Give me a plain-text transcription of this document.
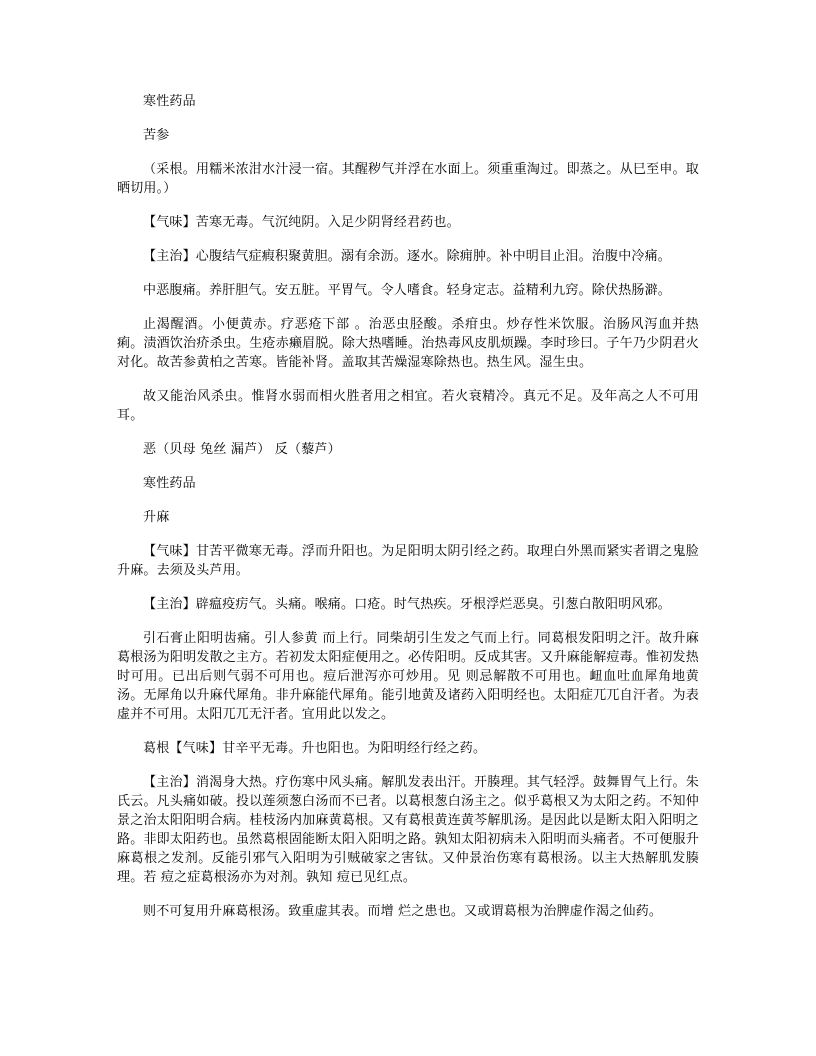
寒性药品

苦参

（采根。用糯米浓泔水汁浸一宿。其醒秽气并浮在水面上。须重重淘过。即蒸之。从巳至申。取晒切用。）

【气味】苦寒无毒。气沉纯阴。入足少阴肾经君药也。

【主治】心腹结气症瘕积聚黄胆。溺有余沥。逐水。除痈肿。补中明目止泪。治腹中冷痛。

中恶腹痛。养肝胆气。安五脏。平胃气。令人嗜食。轻身定志。益精利九窍。除伏热肠澼。

止渴醒酒。小便黄赤。疗恶疮下部 。治恶虫胫酸。杀疳虫。炒存性米饮服。治肠风泻血并热痢。渍酒饮治疥杀虫。生疮赤癞眉脱。除大热嗜睡。治热毒风皮肌烦躁。李时珍曰。子午乃少阴君火对化。故苦参黄柏之苦寒。皆能补肾。盖取其苦燥湿寒除热也。热生风。湿生虫。

故又能治风杀虫。惟肾水弱而相火胜者用之相宜。若火衰精冷。真元不足。及年高之人不可用耳。

恶（贝母 兔丝 漏芦） 反（藜芦）

寒性药品

升麻

【气味】甘苦平微寒无毒。浮而升阳也。为足阳明太阴引经之药。取理白外黑而紧实者谓之鬼脸升麻。去须及头芦用。

【主治】辟瘟疫疠气。头痛。喉痛。口疮。时气热疾。牙根浮烂恶臭。引葱白散阳明风邪。

引石膏止阳明齿痛。引人参黄 而上行。同柴胡引生发之气而上行。同葛根发阳明之汗。故升麻葛根汤为阳明发散之主方。若初发太阳症便用之。必传阳明。反成其害。又升麻能解痘毒。惟初发热时可用。已出后则气弱不可用也。痘后泄泻亦可炒用。见 则忌解散不可用也。衄血吐血犀角地黄汤。无犀角以升麻代犀角。非升麻能代犀角。能引地黄及诸药入阳明经也。太阳症兀兀自汗者。为表虚并不可用。太阳兀兀无汗者。宜用此以发之。

葛根【气味】甘辛平无毒。升也阳也。为阳明经行经之药。

【主治】消渴身大热。疗伤寒中风头痛。解肌发表出汗。开腠理。其气轻浮。鼓舞胃气上行。朱氏云。凡头痛如破。投以莲须葱白汤而不已者。以葛根葱白汤主之。似乎葛根又为太阳之药。不知仲景之治太阳阳明合病。桂枝汤内加麻黄葛根。又有葛根黄连黄芩解肌汤。是因此以是断太阳入阳明之路。非即太阳药也。虽然葛根固能断太阳入阳明之路。孰知太阳初病未入阳明而头痛者。不可便服升麻葛根之发剂。反能引邪气入阳明为引贼破家之害钛。又仲景治伤寒有葛根汤。以主大热解肌发腠理。若 痘之症葛根汤亦为对剂。孰知 痘已见红点。

则不可复用升麻葛根汤。致重虚其表。而增 烂之患也。又或谓葛根为治脾虚作渴之仙药。
